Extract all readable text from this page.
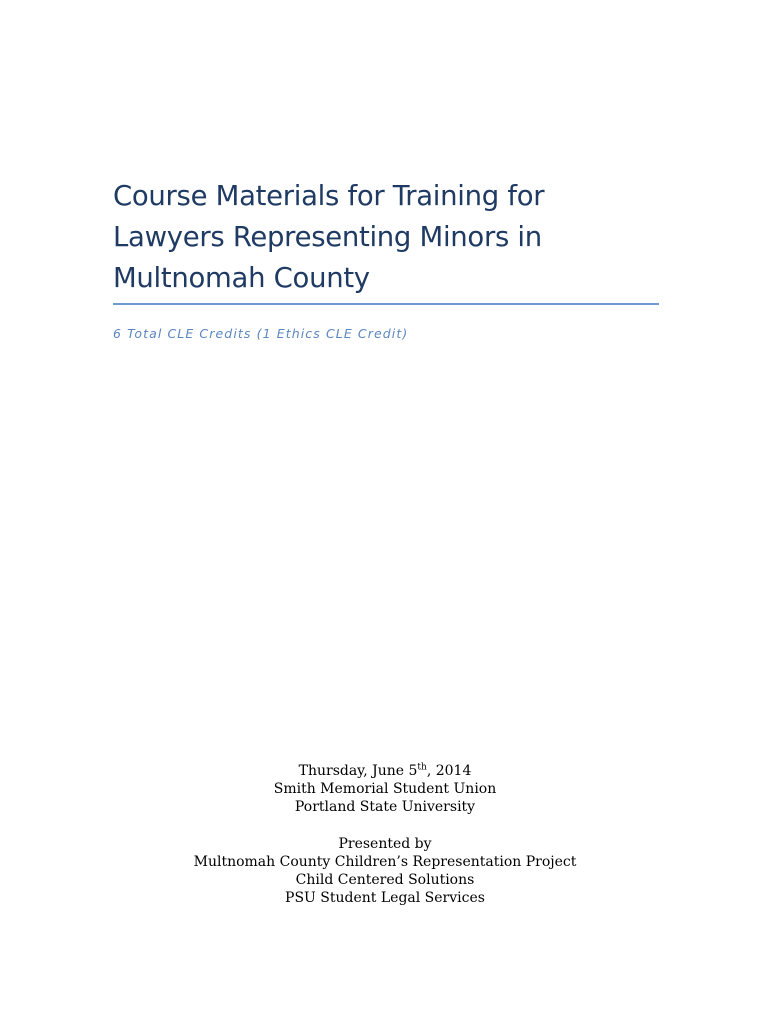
Course Materials for Training for
Lawyers Representing Minors in
Multnomah County
6 Total CLE Credits (1 Ethics CLE Credit)
Thursday, June 5th, 2014
Smith Memorial Student Union
Portland State University
Presented by
Multnomah County Children’s Representation Project
Child Centered Solutions
PSU Student Legal Services
